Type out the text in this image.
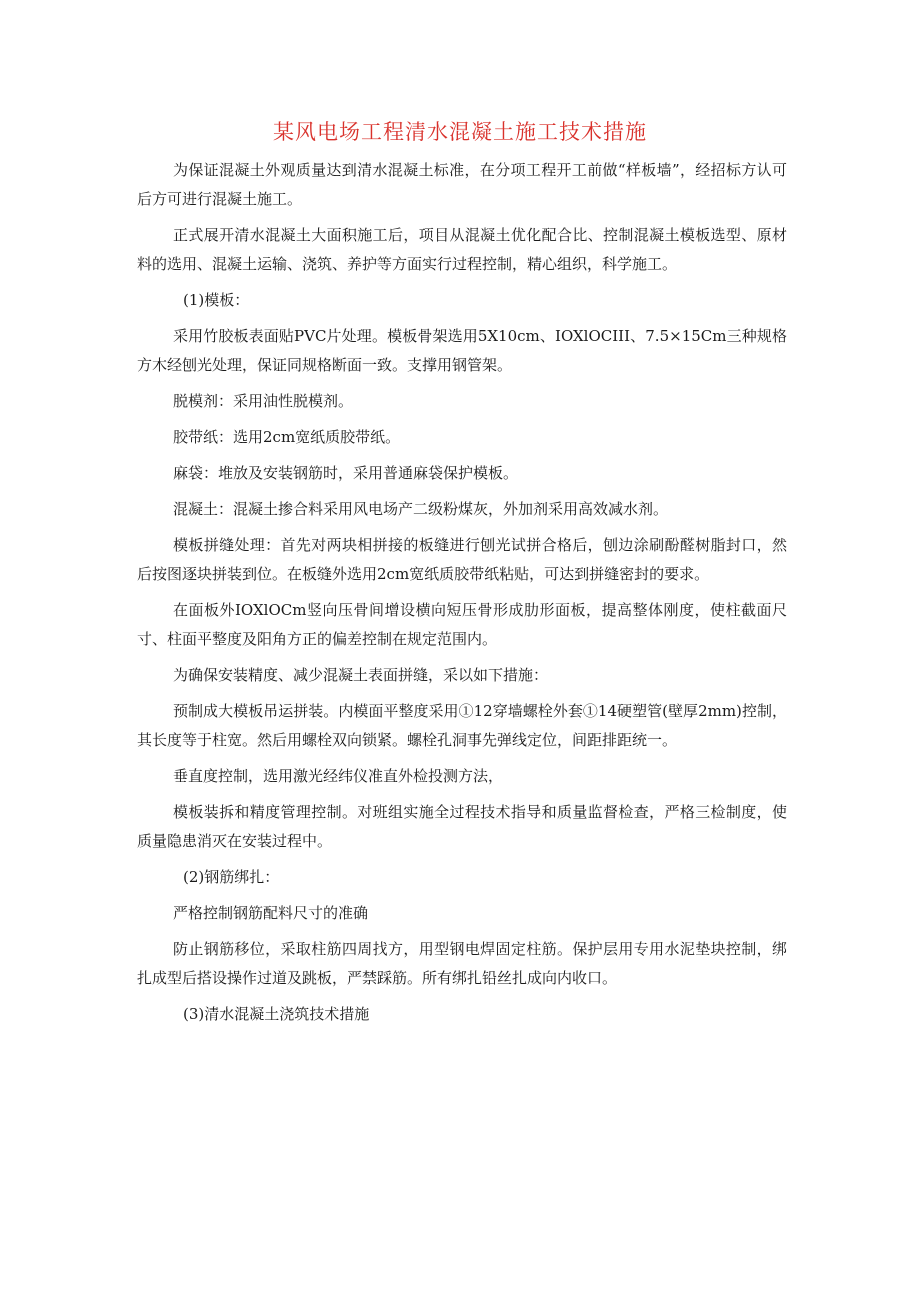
某风电场工程清水混凝土施工技术措施

为保证混凝土外观质量达到清水混凝土标准，在分项工程开工前做“样板墙”，经招标方认可后方可进行混凝土施工。

正式展开清水混凝土大面积施工后，项目从混凝土优化配合比、控制混凝土模板选型、原材料的选用、混凝土运输、浇筑、养护等方面实行过程控制，精心组织，科学施工。

(1)模板：

采用竹胶板表面贴PVC片处理。模板骨架选用5X10cm、IOXlOCIII、7.5×15Cm三种规格方木经刨光处理，保证同规格断面一致。支撑用钢管架。

脱模剂：采用油性脱模剂。

胶带纸：选用2cm宽纸质胶带纸。

麻袋：堆放及安装钢筋时，采用普通麻袋保护模板。

混凝土：混凝土掺合料采用风电场产二级粉煤灰，外加剂采用高效减水剂。

模板拼缝处理：首先对两块相拼接的板缝进行刨光试拼合格后，刨边涂刷酚醛树脂封口，然后按图逐块拼装到位。在板缝外选用2cm宽纸质胶带纸粘贴，可达到拼缝密封的要求。

在面板外IOXlOCm竖向压骨间增设横向短压骨形成肋形面板，提高整体刚度，使柱截面尺寸、柱面平整度及阳角方正的偏差控制在规定范围内。

为确保安装精度、减少混凝土表面拼缝，采以如下措施：

预制成大模板吊运拼装。内模面平整度采用①12穿墙螺栓外套①14硬塑管(壁厚2mm)控制，其长度等于柱宽。然后用螺栓双向锁紧。螺栓孔洞事先弹线定位，间距排距统一。

垂直度控制，选用激光经纬仪准直外检投测方法，

模板装拆和精度管理控制。对班组实施全过程技术指导和质量监督检查，严格三检制度，使质量隐患消灭在安装过程中。

(2)钢筋绑扎：

严格控制钢筋配料尺寸的准确

防止钢筋移位，采取柱筋四周找方，用型钢电焊固定柱筋。保护层用专用水泥垫块控制，绑扎成型后搭设操作过道及跳板，严禁踩筋。所有绑扎铅丝扎成向内收口。

(3)清水混凝土浇筑技术措施
